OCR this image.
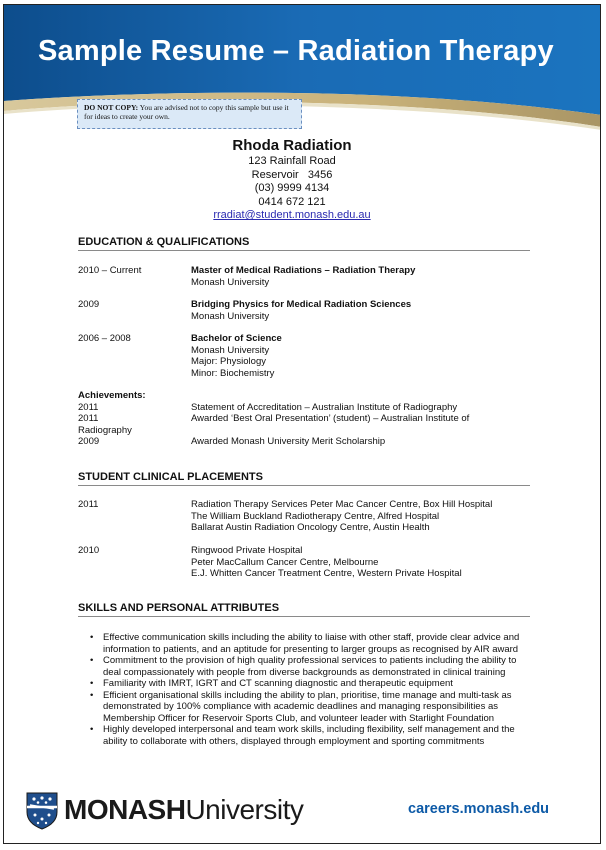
Sample Resume – Radiation Therapy
DO NOT COPY: You are advised not to copy this sample but use it for ideas to create your own.
Rhoda Radiation
123 Rainfall Road
Reservoir   3456
(03) 9999 4134
0414 672 121
rradiat@student.monash.edu.au
EDUCATION & QUALIFICATIONS
2010 – Current	Master of Medical Radiations – Radiation Therapy
Monash University
2009	Bridging Physics for Medical Radiation Sciences
Monash University
2006 – 2008	Bachelor of Science
Monash University
Major: Physiology
Minor: Biochemistry
Achievements:
2011	Statement of Accreditation – Australian Institute of Radiography
2011	Awarded ‘Best Oral Presentation’ (student) – Australian Institute of
Radiography
2009	Awarded Monash University Merit Scholarship
STUDENT CLINICAL PLACEMENTS
2011	Radiation Therapy Services Peter Mac Cancer Centre, Box Hill Hospital
The William Buckland Radiotherapy Centre, Alfred Hospital
Ballarat Austin Radiation Oncology Centre, Austin Health
2010	Ringwood Private Hospital
Peter MacCallum Cancer Centre, Melbourne
E.J. Whitten Cancer Treatment Centre, Western Private Hospital
SKILLS AND PERSONAL ATTRIBUTES
• Effective communication skills including the ability to liaise with other staff, provide clear advice and information to patients, and an aptitude for presenting to larger groups as recognised by AIR award
• Commitment to the provision of high quality professional services to patients including the ability to deal compassionately with people from diverse backgrounds as demonstrated in clinical training
• Familiarity with IMRT, IGRT and CT scanning diagnostic and therapeutic equipment
• Efficient organisational skills including the ability to plan, prioritise, time manage and multi-task as demonstrated by 100% compliance with academic deadlines and managing responsibilities as Membership Officer for Reservoir Sports Club, and volunteer leader with Starlight Foundation
• Highly developed interpersonal and team work skills, including flexibility, self management and the ability to collaborate with others, displayed through employment and sporting commitments
MONASHUniversity	careers.monash.edu
